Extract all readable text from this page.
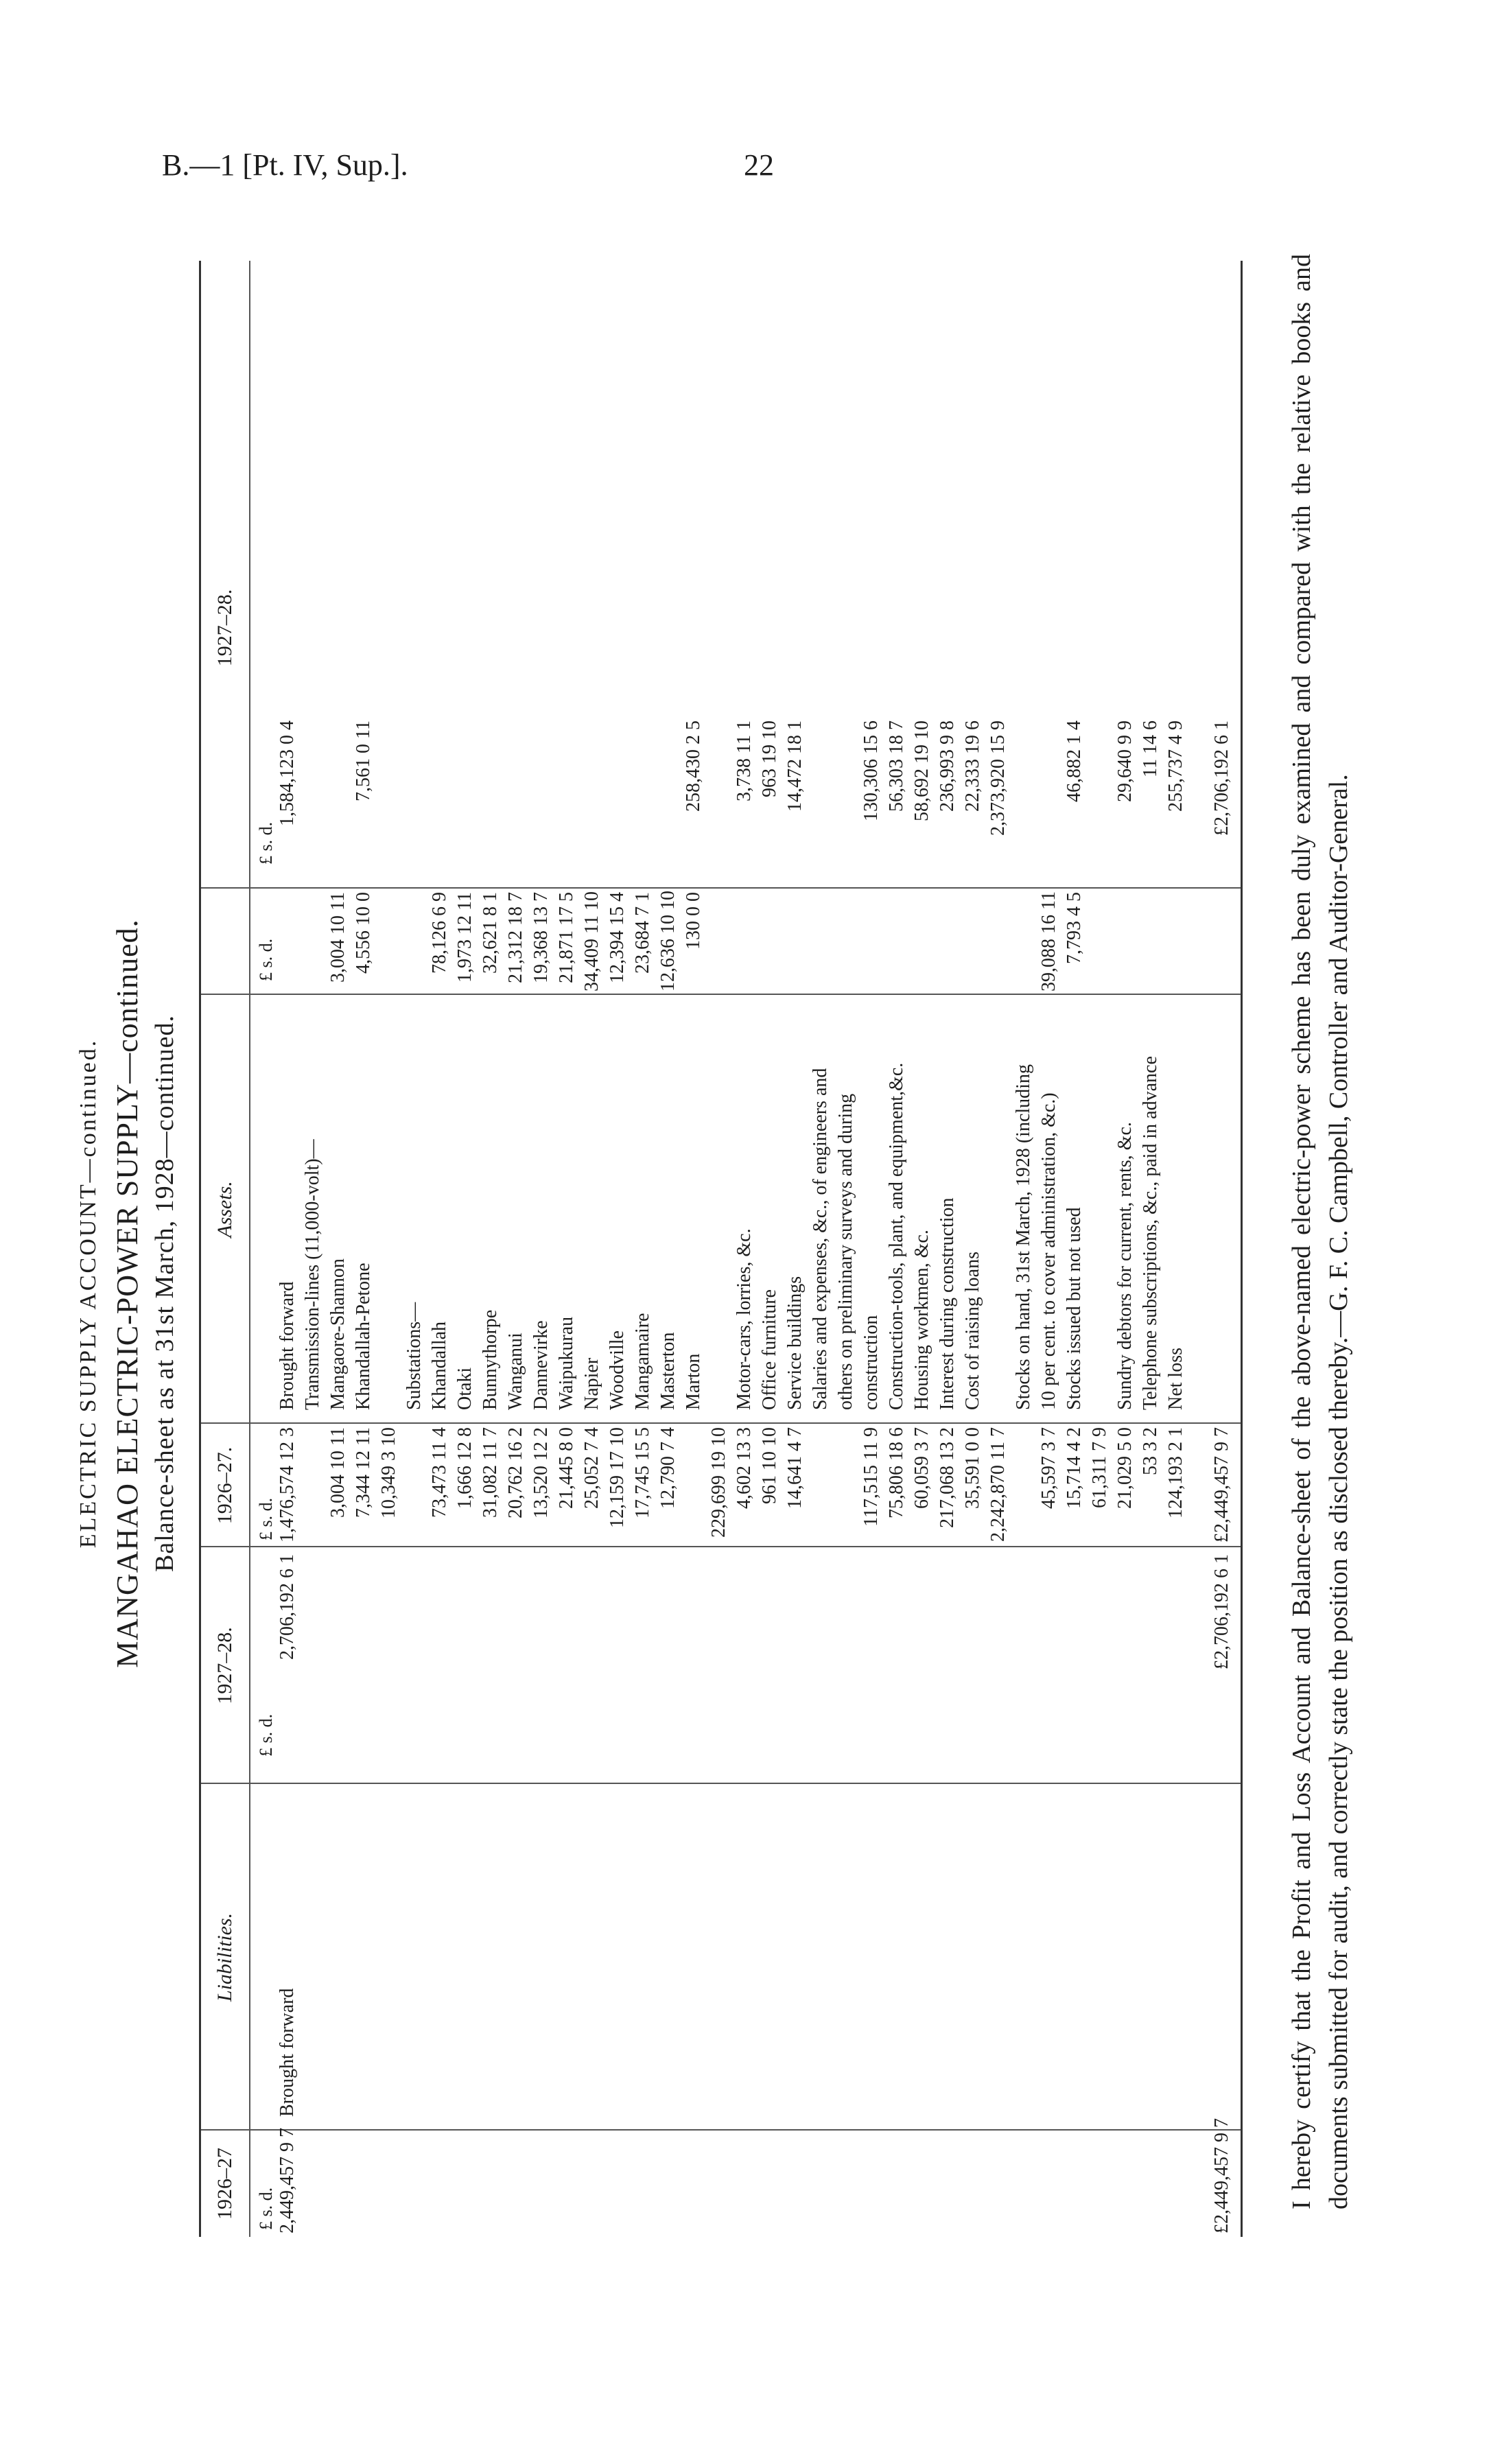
B.—1 [Pt. IV, Sup.].	22
ELECTRIC SUPPLY ACCOUNT—continued. MANGAHAO ELECTRIC-POWER SUPPLY—continued. Balance-sheet as at 31st March, 1928—continued.
1926–27
Liabilities.
1927–28.
£ s. d.
£ s. d.
2,449,457 9 7
Brought forward
2,706,192 6 1
£2,449,457 9 7
£2,706,192 6 1
1926–27.
Assets.
1927–28.
£ s. d.
£ s. d.
£ s. d.
1,476,574 12 3
Brought forward
1,584,123 0 4
Transmission-lines (11,000-volt)—
3,004 10 11
Mangaore-Shannon
3,004 10 11
7,344 12 11
Khandallah-Petone
4,556 10 0
7,561 0 11
10,349 3 10
Substations—
73,473 11 4
Khandallah
78,126 6 9
1,666 12 8
Otaki
1,973 12 11
31,082 11 7
Bunnythorpe
32,621 8 1
20,762 16 2
Wanganui
21,312 18 7
13,520 12 2
Dannevirke
19,368 13 7
21,445 8 0
Waipukurau
21,871 17 5
25,052 7 4
Napier
34,409 11 10
12,159 17 10
Woodville
12,394 15 4
17,745 15 5
Mangamaire
23,684 7 1
12,790 7 4
Masterton
12,636 10 10
Marton
130 0 0
258,430 2 5
229,699 19 10 4,602 13 3
Motor-cars, lorries, &c.
3,738 11 1
961 10 10
Office furniture
963 19 10
14,641 4 7
Service buildings
14,472 18 1
Salaries and expenses, &c., of engineers and others on preliminary surveys and during
117,515 11 9
construction
130,306 15 6
75,806 18 6
Construction-tools, plant, and equipment,&c.
56,303 18 7
60,059 3 7
Housing workmen, &c.
58,692 19 10
217,068 13 2
Interest during construction
236,993 9 8
35,591 0 0
Cost of raising loans
22,333 19 6
2,242,870 11 7
2,373,920 15 9
Stocks on hand, 31st March, 1928 (including
45,597 3 7
10 per cent. to cover administration, &c.)
39,088 16 11
15,714 4 2
Stocks issued but not used
7,793 4 5
46,882 1 4
61,311 7 9 21,029 5 0
Sundry debtors for current, rents, &c.
29,640 9 9
53 3 2
Telephone subscriptions, &c., paid in advance
11 14 6
124,193 2 1
Net loss
255,737 4 9
£2,449,457 9 7
£2,706,192 6 1 I hereby certify that the Profit and Loss Account and Balance-sheet of the above-named electric-power scheme has been duly examined and compared with the relative books and documents submitted for audit, and correctly state the position as disclosed thereby.—G. F. C. Campbell, Controller and Auditor-General.
